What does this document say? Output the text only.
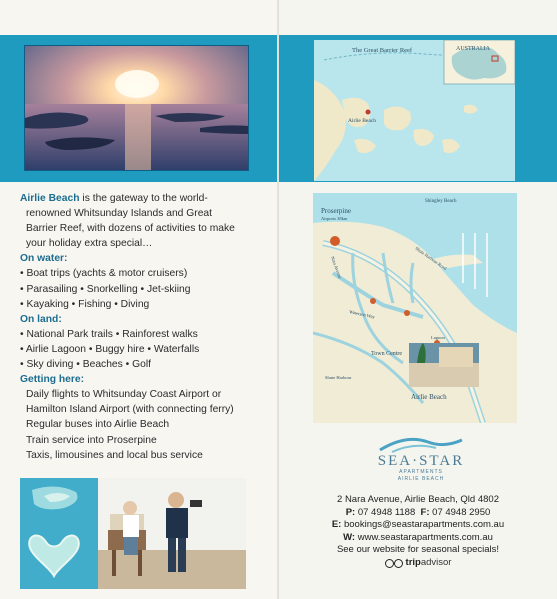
Airlie Beach is the gateway to the world-

renowned Whitsunday Islands and Great

Barrier Reef, with dozens of activities to make

your holiday extra special…

On water:

• Boat trips (yachts & motor cruisers)

• Parasailing • Snorkelling • Jet-skiing

• Kayaking • Fishing • Diving

On land:

• National Park trails • Rainforest walks

• Airlie Lagoon • Buggy hire • Waterfalls

• Sky diving • Beaches • Golf

Getting here:

Daily flights to Whitsunday Coast Airport or

Hamilton Island Airport (with connecting ferry)

Regular buses into Airlie Beach

Train service into Proserpine

Taxis, limousines and local bus service

The Great Barrier Reef	AUSTRALIA
Airlie Beach
Proserpine
Airports 38km
Shingley Beach
Town Centre
Lagoon
Airlie Beach
Shute Harbour Road
Shute Harbour
Waterson Way
Nara Avenue
SEA·STAR
APARTMENTS
AIRLIE BEACH
2 Nara Avenue, Airlie Beach, Qld 4802
P: 07 4948 1188 F: 07 4948 2950
E: bookings@seastarapartments.com.au
W: www.seastarapartments.com.au
See our website for seasonal specials!
trip advisor
